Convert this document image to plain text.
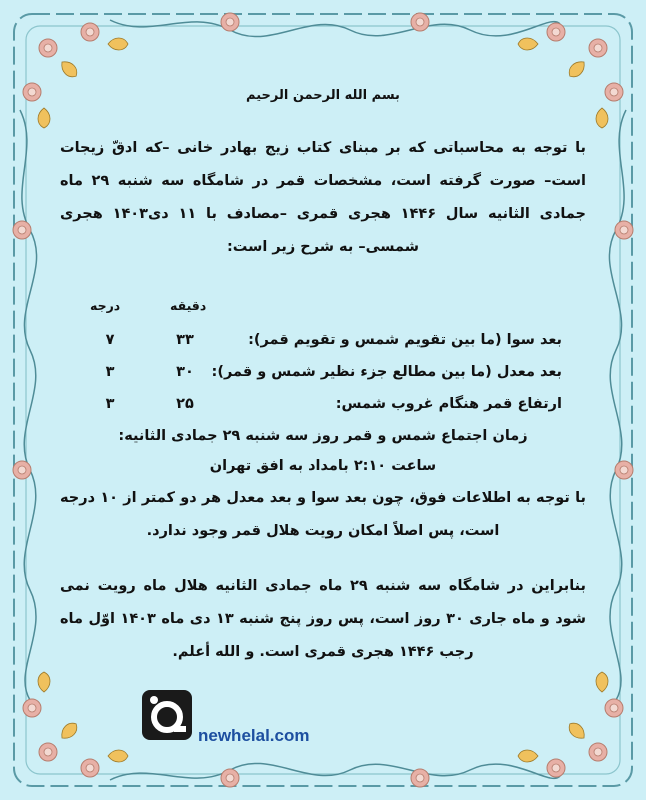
بسم الله الرحمن الرحیم
با توجه به محاسباتی که بر مبنای کتاب زیج بهادر خانی –که ادقّ زیجات است– صورت گرفته است، مشخصات قمر در شامگاه سه شنبه ۲۹ ماه جمادی الثانیه سال ۱۴۴۶ هجری قمری –مصادف با ۱۱ دی۱۴۰۳ هجری شمسی– به شرح زیر است:
دقیقه
درجه
بعد سوا (ما بین تقویم شمس و تقویم قمر):
۳۳
۷
بعد معدل (ما بین مطالع جزء نظیر شمس و قمر):
۳۰
۳
ارتفاع قمر هنگام غروب شمس:
۲۵
۳
زمان اجتماع شمس و قمر روز سه شنبه ۲۹ جمادی الثانیه:
ساعت ۲:۱۰ بامداد به افق تهران
با توجه به اطلاعات فوق، چون بعد سوا و بعد معدل هر دو کمتر از ۱۰ درجه است، پس اصلاً امکان رویت هلال قمر وجود ندارد.
بنابراین در شامگاه سه شنبه ۲۹ ماه جمادی الثانیه هلال ماه رویت نمی شود و ماه جاری ۳۰ روز است، پس روز پنج شنبه ۱۳ دی ماه ۱۴۰۳ اوّل ماه رجب ۱۴۴۶ هجری قمری است. و الله أعلم.
newhelal.com
